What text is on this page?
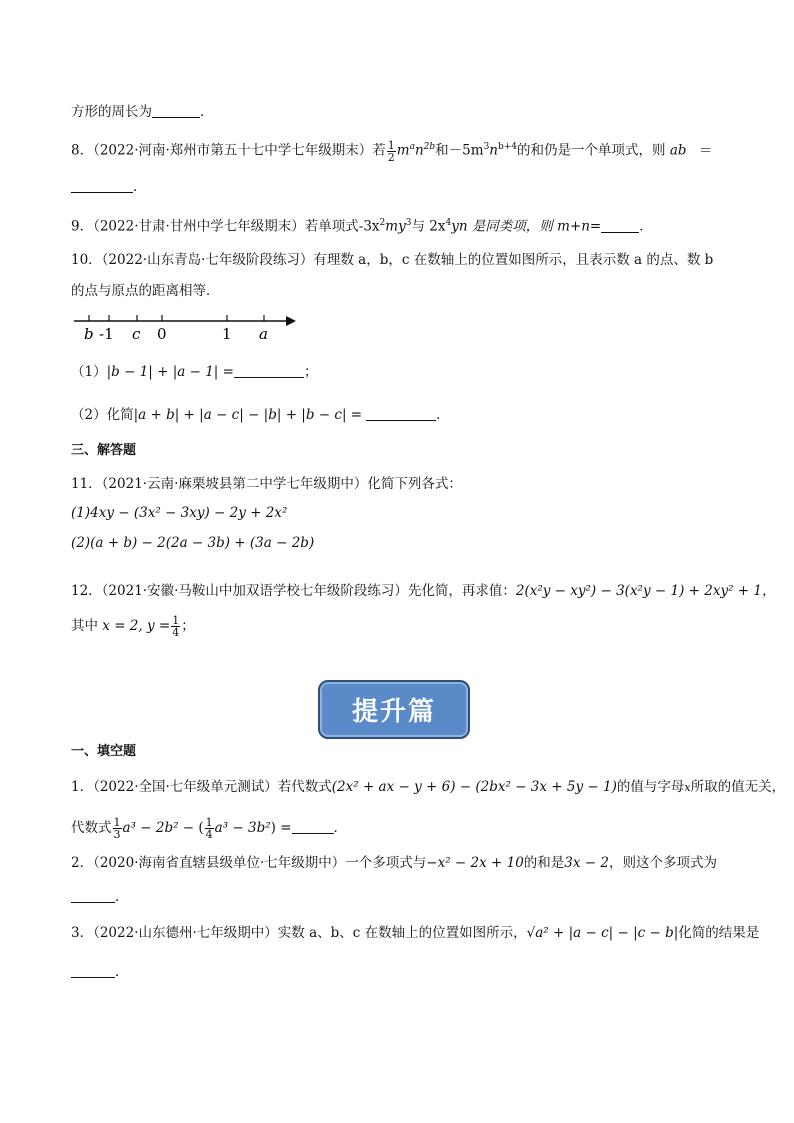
方形的周长为	．
8．（2022·河南·郑州市第五十七中学七年级期末）若 $\frac{1}{2} m^an^{2b}$和$-5m^3n^{b+4}$的和仍是一个单项式，则 ab ＝
．
9．（2022·甘肃·甘州中学七年级期末）若单项式$-3x^2my^3$与 $2x^4yn$ 是同类项，则 m+n=	．
10．（2022·山东青岛·七年级阶段练习）有理数 a，b，c 在数轴上的位置如图所示，且表示数 a 的点、数 b
的点与原点的距离相等．
b -1 c 0	1 a
（1）|b − 1| + |a − 1| =	；
（2）化简|a + b| + |a − c| − |b| + |b − c| =	．
三、解答题
11．（2021·云南·麻栗坡县第二中学七年级期中）化简下列各式：
(1)4xy − (3x² − 3xy) − 2y + 2x²
(2)(a + b) − 2(2a − 3b) + (3a − 2b)
12．（2021·安徽·马鞍山中加双语学校七年级阶段练习）先化简，再求值：2(x²y − xy²) − 3(x²y − 1) + 2xy² + 1，
其中 x = 2, $y = \frac{1}{4}$ ；
提升篇
一、填空题
1．（2022·全国·七年级单元测试）若代数式(2x² + ax − y + 6) − (2bx² − 3x + 5y − 1)的值与字母x所取的值无关，
代数式 $\frac{1}{3} a^3 - 2b^2$ − ( $\frac{1}{4} a^3 - 3b^2$) =	．
2．（2020·海南省直辖县级单位·七年级期中）一个多项式与−x² − 2x + 10的和是3x − 2，则这个多项式为
．
3．（2022·山东德州·七年级期中）实数 a、b、c 在数轴上的位置如图所示，√a² + |a − c| − |c − b|化简的结果是
．
